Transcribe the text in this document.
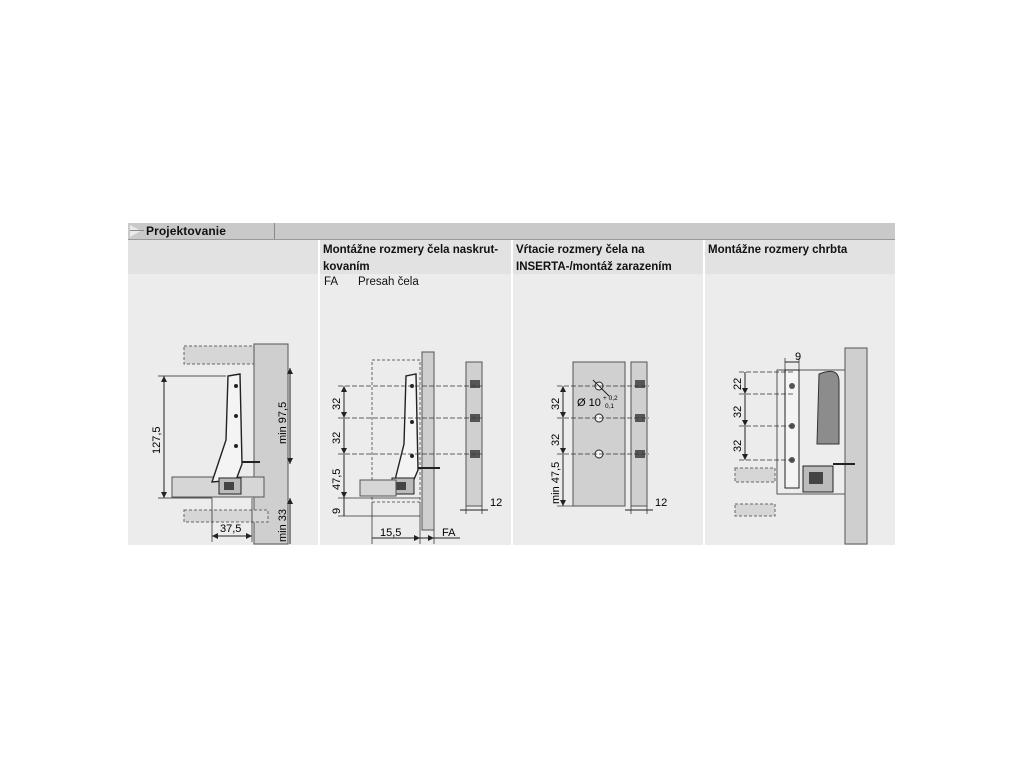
Projektovanie
127,5	min 97,5
min 33
37,5
32
32
47,5
9
15,5	FA
12
Montážne rozmery čela naskrut-kovaním
FA Presah čela
32
32
min 47,5
Ø 10 + 0,2
0,1
12
Vŕtacie rozmery čela na INSERTA-/montáž zarazením
9
22
32
32
Montážne rozmery chrbta
